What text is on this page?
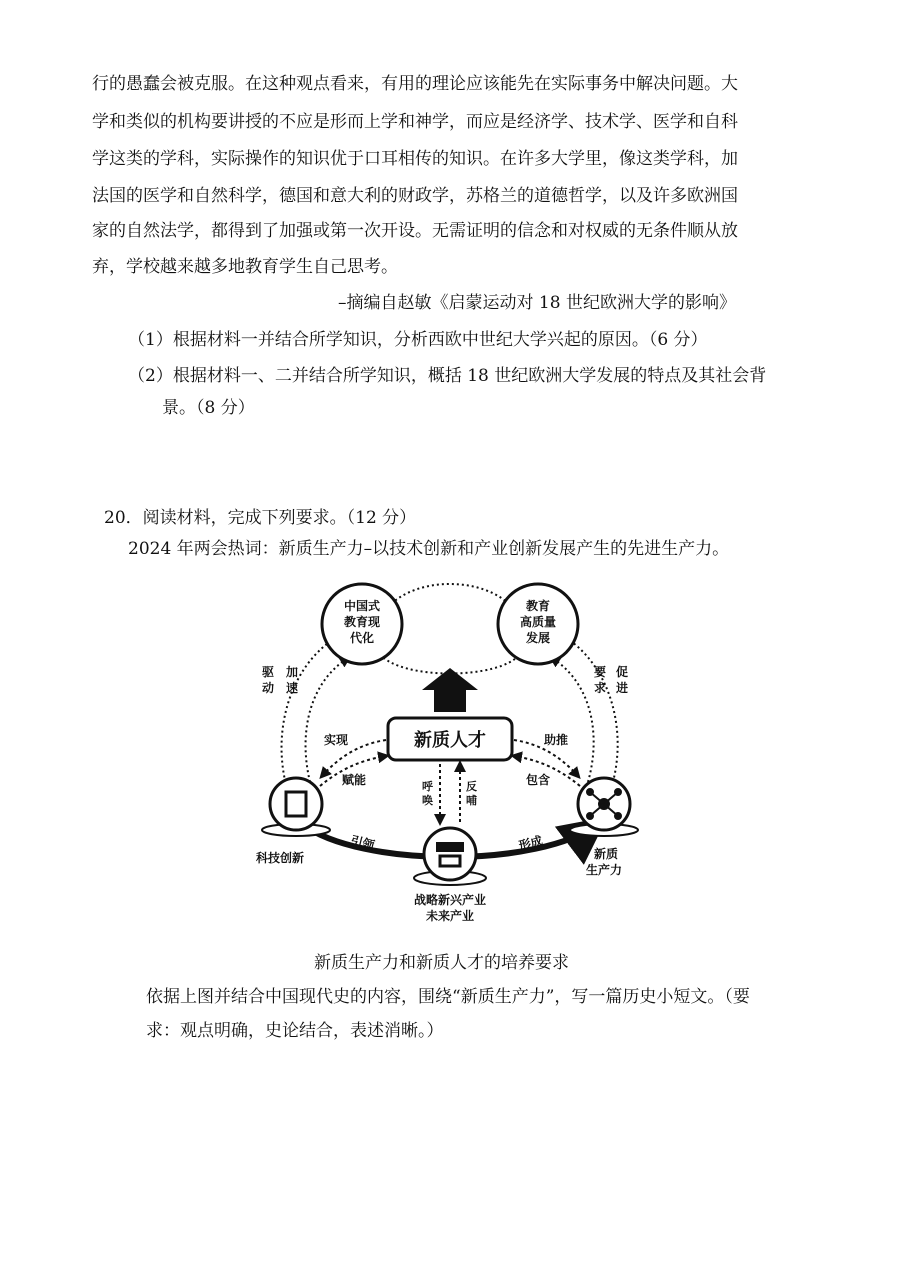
行的愚蠢会被克服。在这种观点看来，有用的理论应该能先在实际事务中解决问题。大
学和类似的机构要讲授的不应是形而上学和神学，而应是经济学、技术学、医学和自科
学这类的学科，实际操作的知识优于口耳相传的知识。在许多大学里，像这类学科，加
法国的医学和自然科学，德国和意大利的财政学，苏格兰的道德哲学，以及许多欧洲国
家的自然法学，都得到了加强或第一次开设。无需证明的信念和对权威的无条件顺从放
弃，学校越来越多地教育学生自己思考。
–摘编自赵敏《启蒙运动对 18 世纪欧洲大学的影响》
（1）根据材料一并结合所学知识，分析西欧中世纪大学兴起的原因。（6 分）
（2）根据材料一、二并结合所学知识，概括 18 世纪欧洲大学发展的特点及其社会背
景。（8 分）
20．阅读材料，完成下列要求。（12 分）
2024 年两会热词：新质生产力–以技术创新和产业创新发展产生的先进生产力。
中国式
教育现
代化
教育
高质量
发展
驱
动
加
速
要
求
促
进
新质人才
实现
赋能
助推
包含
呼
唤
反
哺
引领	形成
科技创新	新质
生产力
战略新兴产业
未来产业
新质生产力和新质人才的培养要求
依据上图并结合中国现代史的内容，围绕“新质生产力”，写一篇历史小短文。（要
求：观点明确，史论结合，表述消晰。）
